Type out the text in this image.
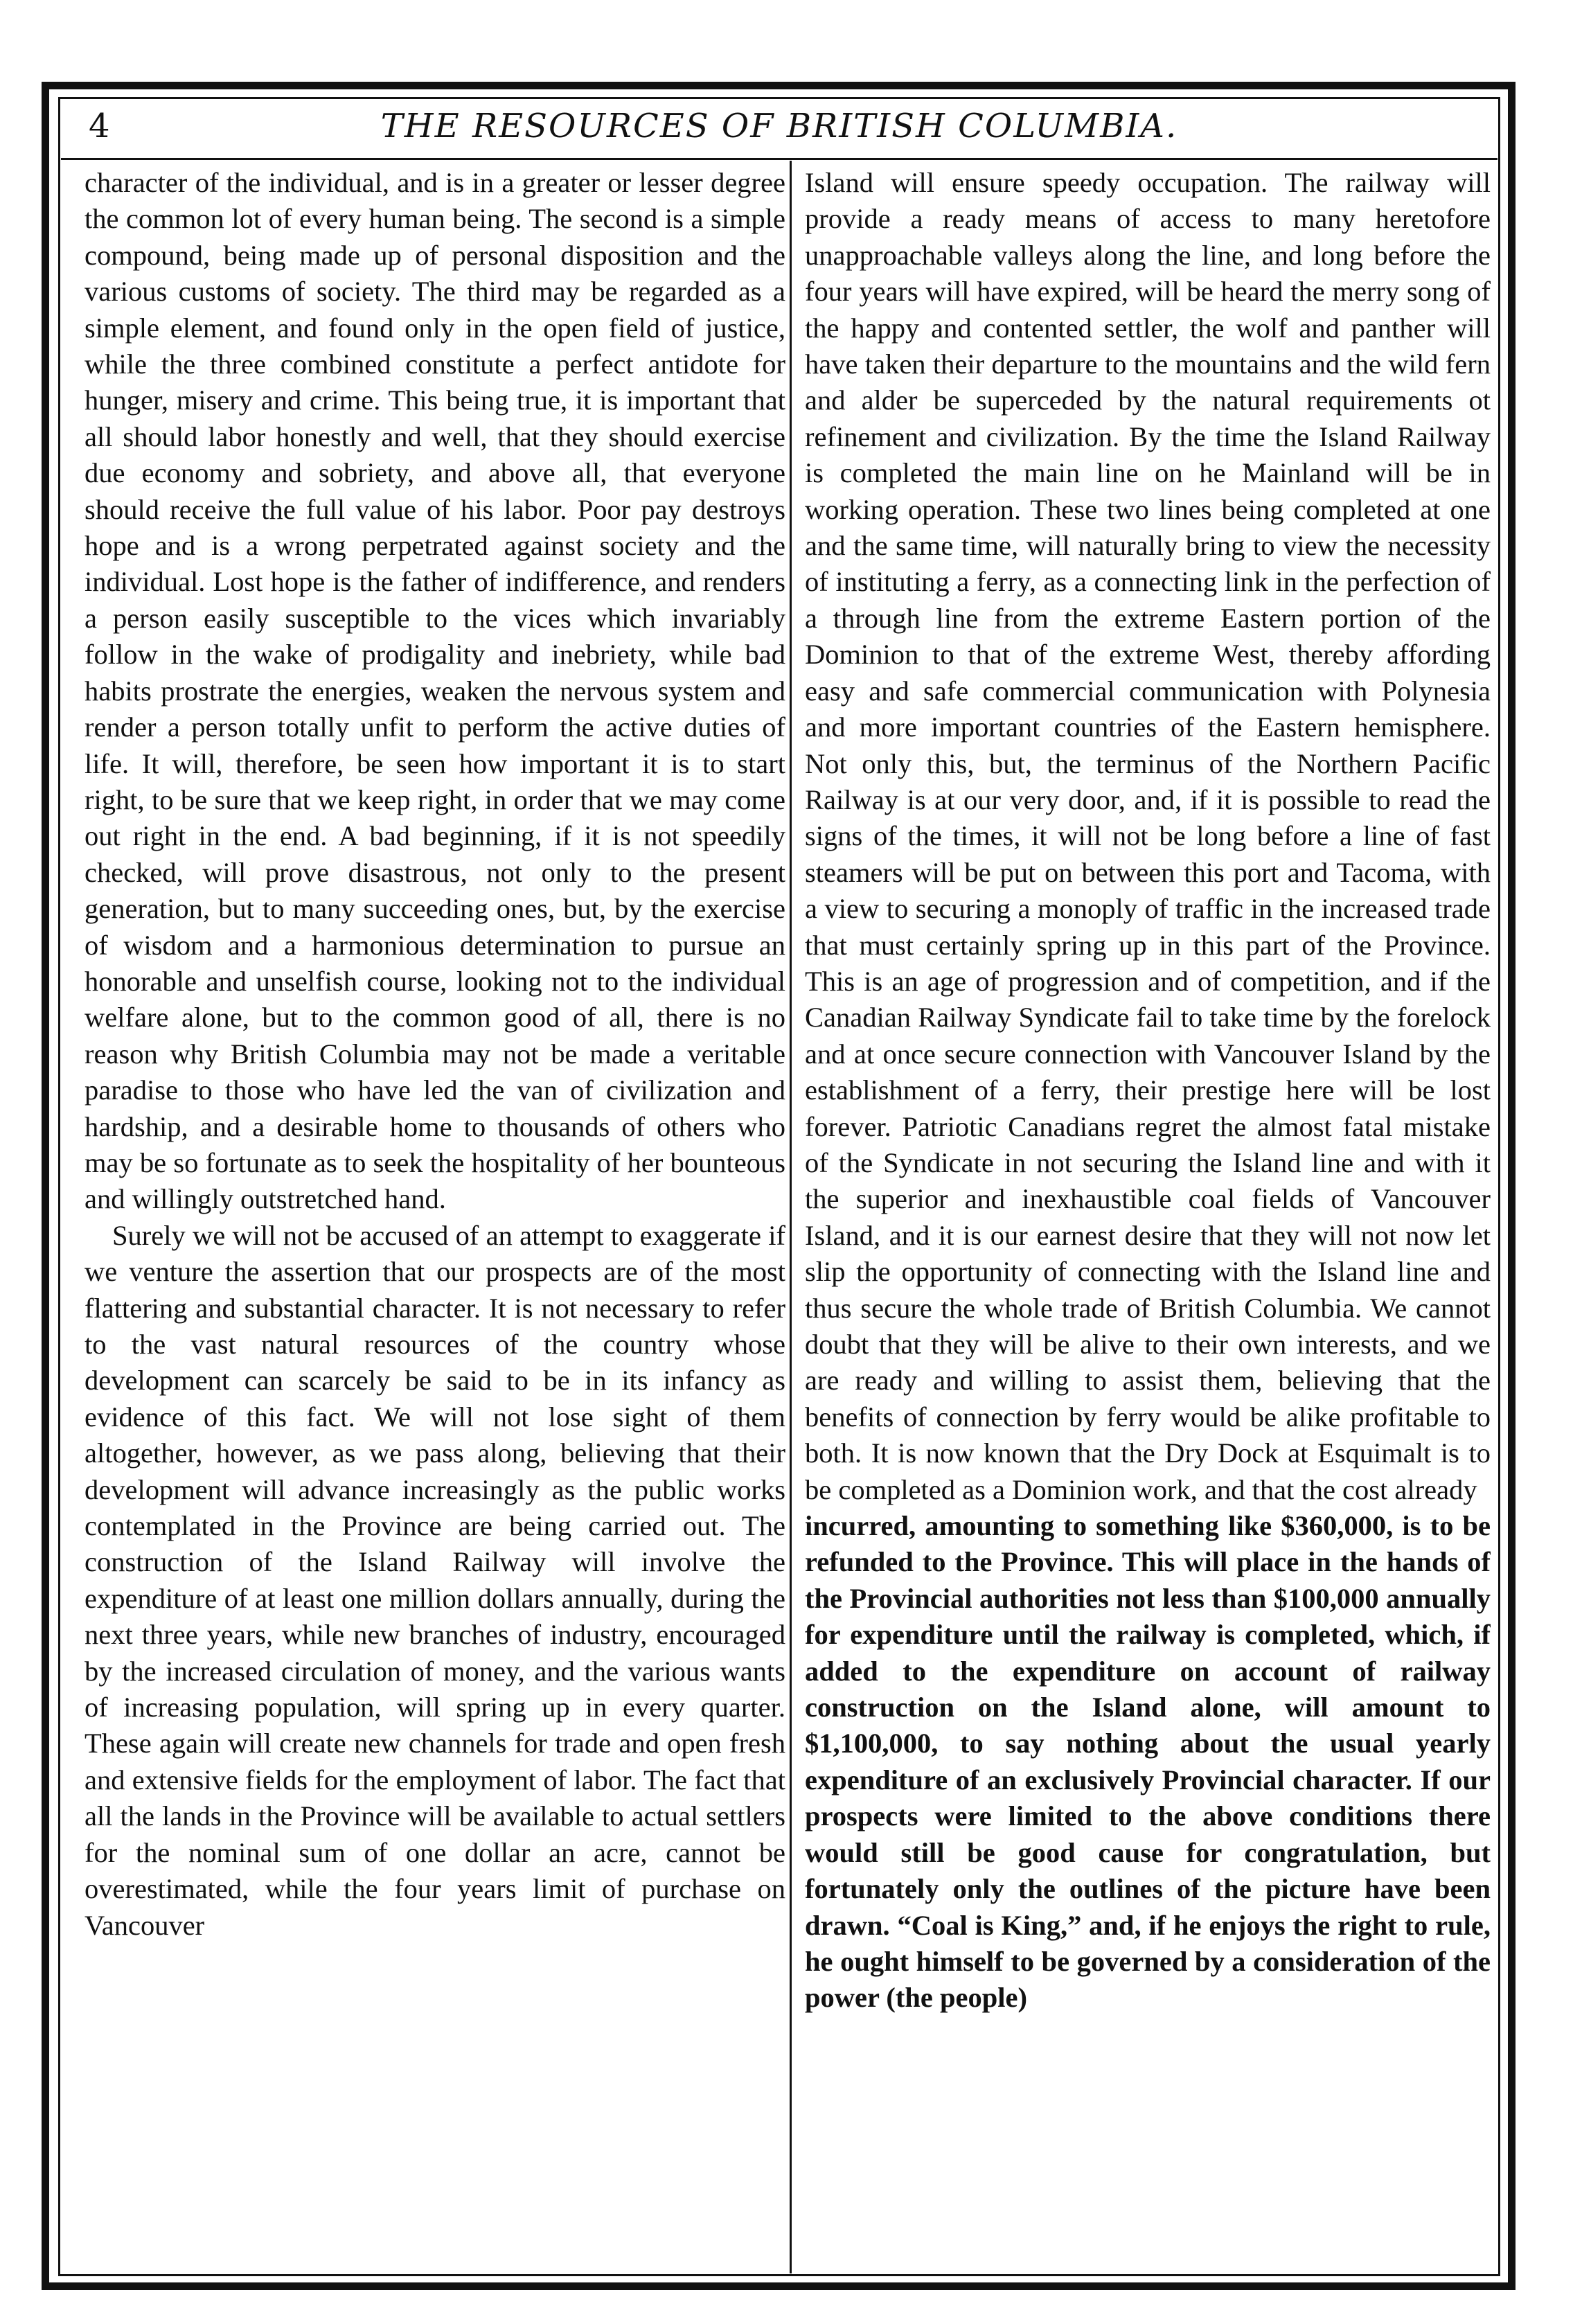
4	THE RESOURCES OF BRITISH COLUMBIA.

character of the individual, and is in a greater or lesser degree the common lot of every human being. The second is a simple compound, being made up of personal disposition and the various customs of society. The third may be regarded as a simple element, and found only in the open field of justice, while the three combined constitute a perfect antidote for hunger, misery and crime. This being true, it is important that all should labor honestly and well, that they should exercise due economy and sobriety, and above all, that everyone should receive the full value of his labor. Poor pay destroys hope and is a wrong perpetrated against society and the individual. Lost hope is the father of indifference, and renders a person easily susceptible to the vices which invariably follow in the wake of prodigality and inebriety, while bad habits prostrate the energies, weaken the nervous system and render a person totally unfit to perform the active duties of life. It will, therefore, be seen how important it is to start right, to be sure that we keep right, in order that we may come out right in the end. A bad beginning, if it is not speedily checked, will prove disastrous, not only to the present generation, but to many succeeding ones, but, by the exercise of wisdom and a harmonious determination to pursue an honorable and unselfish course, looking not to the individual welfare alone, but to the common good of all, there is no reason why British Columbia may not be made a veritable paradise to those who have led the van of civilization and hardship, and a desirable home to thousands of others who may be so fortunate as to seek the hospitality of her bounteous and willingly outstretched hand.

Surely we will not be accused of an attempt to exaggerate if we venture the assertion that our prospects are of the most flattering and substantial character. It is not necessary to refer to the vast natural resources of the country whose development can scarcely be said to be in its infancy as evidence of this fact. We will not lose sight of them altogether, however, as we pass along, believing that their development will advance increasingly as the public works contemplated in the Province are being carried out. The construction of the Island Railway will involve the expenditure of at least one million dollars annually, during the next three years, while new branches of industry, encouraged by the increased circulation of money, and the various wants of increasing population, will spring up in every quarter. These again will create new channels for trade and open fresh and extensive fields for the employment of labor. The fact that all the lands in the Province will be available to actual settlers for the nominal sum of one dollar an acre, cannot be overestimated, while the four years limit of purchase on Vancouver

Island will ensure speedy occupation. The railway will provide a ready means of access to many heretofore unapproachable valleys along the line, and long before the four years will have expired, will be heard the merry song of the happy and contented settler, the wolf and panther will have taken their departure to the mountains and the wild fern and alder be superceded by the natural requirements ot refinement and civilization. By the time the Island Railway is completed the main line on he Mainland will be in working operation. These two lines being completed at one and the same time, will naturally bring to view the necessity of instituting a ferry, as a connecting link in the perfection of a through line from the extreme Eastern portion of the Dominion to that of the extreme West, thereby affording easy and safe commercial communication with Polynesia and more important countries of the Eastern hemisphere. Not only this, but, the terminus of the Northern Pacific Railway is at our very door, and, if it is possible to read the signs of the times, it will not be long before a line of fast steamers will be put on between this port and Tacoma, with a view to securing a monoply of traffic in the increased trade that must certainly spring up in this part of the Province. This is an age of progression and of competition, and if the Canadian Railway Syndicate fail to take time by the forelock and at once secure connection with Vancouver Island by the establishment of a ferry, their prestige here will be lost forever. Patriotic Canadians regret the almost fatal mistake of the Syndicate in not securing the Island line and with it the superior and inexhaustible coal fields of Vancouver Island, and it is our earnest desire that they will not now let slip the opportunity of connecting with the Island line and thus secure the whole trade of British Columbia. We cannot doubt that they will be alive to their own interests, and we are ready and willing to assist them, believing that the benefits of connection by ferry would be alike profitable to both. It is now known that the Dry Dock at Esquimalt is to be completed as a Dominion work, and that the cost already

incurred, amounting to something like $360,000, is to be refunded to the Province. This will place in the hands of the Provincial authorities not less than $100,000 annually for expenditure until the railway is completed, which, if added to the expenditure on account of railway construction on the Island alone, will amount to $1,100,000, to say nothing about the usual yearly expenditure of an exclusively Provincial character. If our prospects were limited to the above conditions there would still be good cause for congratulation, but fortunately only the outlines of the picture have been drawn. “Coal is King,” and, if he enjoys the right to rule, he ought himself to be governed by a consideration of the power (the people)
